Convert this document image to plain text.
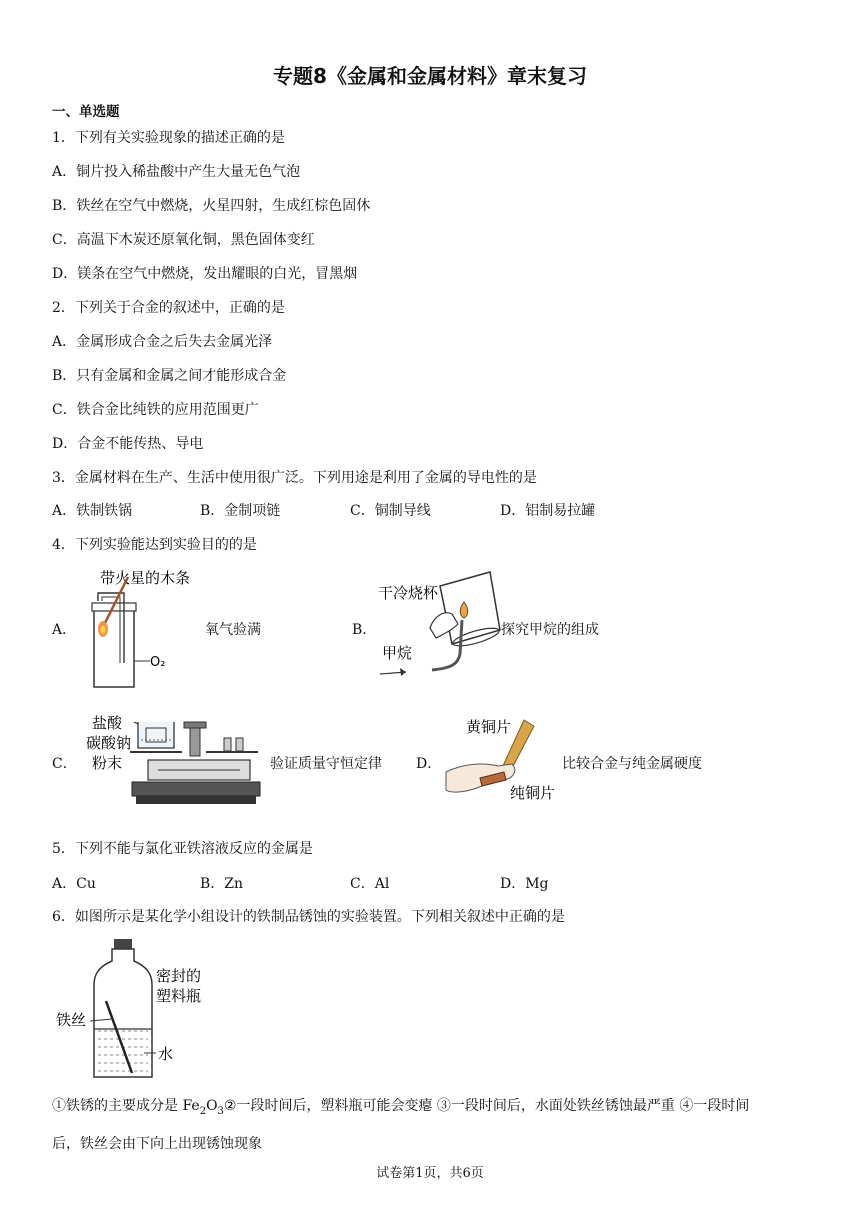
专题8《金属和金属材料》章末复习
一、单选题
1．下列有关实验现象的描述正确的是
A．铜片投入稀盐酸中产生大量无色气泡
B．铁丝在空气中燃烧，火星四射，生成红棕色固休
C．高温下木炭还原氧化铜，黑色固体变红
D．镁条在空气中燃烧，发出耀眼的白光，冒黑烟
2．下列关于合金的叙述中，正确的是
A．金属形成合金之后失去金属光泽
B．只有金属和金属之间才能形成合金
C．铁合金比纯铁的应用范围更广
D．合金不能传热、导电
3．金属材料在生产、生活中使用很广泛。下列用途是利用了金属的导电性的是
A．铁制铁锅	B．金制项链	C．铜制导线	D．铝制易拉罐
4．下列实验能达到实验目的的是
A．
带火星的木条
O₂
氧气验满	B．
干冷烧杯
甲烷
探究甲烷的组成
C．
盐酸
碳酸钠
粉末	验证质量守恒定律 D．
黄铜片
纯铜片
比较合金与纯金属硬度
5．下列不能与氯化亚铁溶液反应的金属是
A．Cu	B．Zn	C．Al	D．Mg
6．如图所示是某化学小组设计的铁制品锈蚀的实验装置。下列相关叙述中正确的是
密封的
塑料瓶
铁丝
水
①铁锈的主要成分是 $Fe_2O_3②$一段时间后，塑料瓶可能会变瘪 ③一段时间后，水面处铁丝锈蚀最严重 ④一段时间
后，铁丝会由下向上出现锈蚀现象
试卷第1页，共6页
